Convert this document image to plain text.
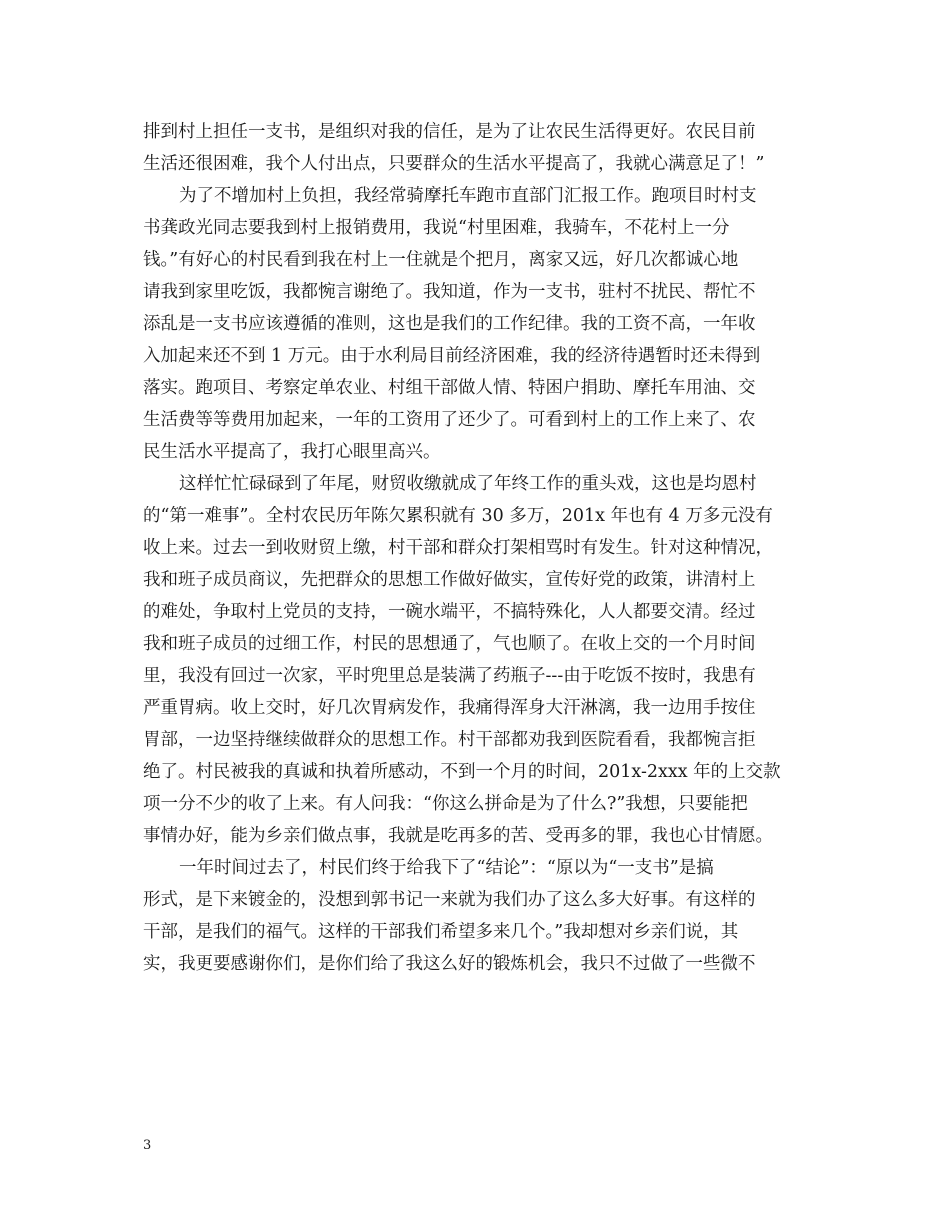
排到村上担任一支书，是组织对我的信任，是为了让农民生活得更好。农民目前
生活还很困难，我个人付出点，只要群众的生活水平提高了，我就心满意足了！”
为了不增加村上负担，我经常骑摩托车跑市直部门汇报工作。跑项目时村支
书龚政光同志要我到村上报销费用，我说“村里困难，我骑车，不花村上一分
钱。”有好心的村民看到我在村上一住就是个把月，离家又远，好几次都诚心地
请我到家里吃饭，我都惋言谢绝了。我知道，作为一支书，驻村不扰民、帮忙不
添乱是一支书应该遵循的准则，这也是我们的工作纪律。我的工资不高，一年收
入加起来还不到 1 万元。由于水利局目前经济困难，我的经济待遇暂时还未得到
落实。跑项目、考察定单农业、村组干部做人情、特困户捐助、摩托车用油、交
生活费等等费用加起来，一年的工资用了还少了。可看到村上的工作上来了、农
民生活水平提高了，我打心眼里高兴。
这样忙忙碌碌到了年尾，财贸收缴就成了年终工作的重头戏，这也是均恩村
的“第一难事”。全村农民历年陈欠累积就有 30 多万，201x 年也有 4 万多元没有
收上来。过去一到收财贸上缴，村干部和群众打架相骂时有发生。针对这种情况，
我和班子成员商议，先把群众的思想工作做好做实，宣传好党的政策，讲清村上
的难处，争取村上党员的支持，一碗水端平，不搞特殊化，人人都要交清。经过
我和班子成员的过细工作，村民的思想通了，气也顺了。在收上交的一个月时间
里，我没有回过一次家，平时兜里总是装满了药瓶子---由于吃饭不按时，我患有
严重胃病。收上交时，好几次胃病发作，我痛得浑身大汗淋漓，我一边用手按住
胃部，一边坚持继续做群众的思想工作。村干部都劝我到医院看看，我都惋言拒
绝了。村民被我的真诚和执着所感动，不到一个月的时间，201x-2xxx 年的上交款
项一分不少的收了上来。有人问我：“你这么拼命是为了什么?”我想，只要能把
事情办好，能为乡亲们做点事，我就是吃再多的苦、受再多的罪，我也心甘情愿。
一年时间过去了，村民们终于给我下了“结论”：“原以为“一支书”是搞
形式，是下来镀金的，没想到郭书记一来就为我们办了这么多大好事。有这样的
干部，是我们的福气。这样的干部我们希望多来几个。”我却想对乡亲们说，其
实，我更要感谢你们，是你们给了我这么好的锻炼机会，我只不过做了一些微不
3
